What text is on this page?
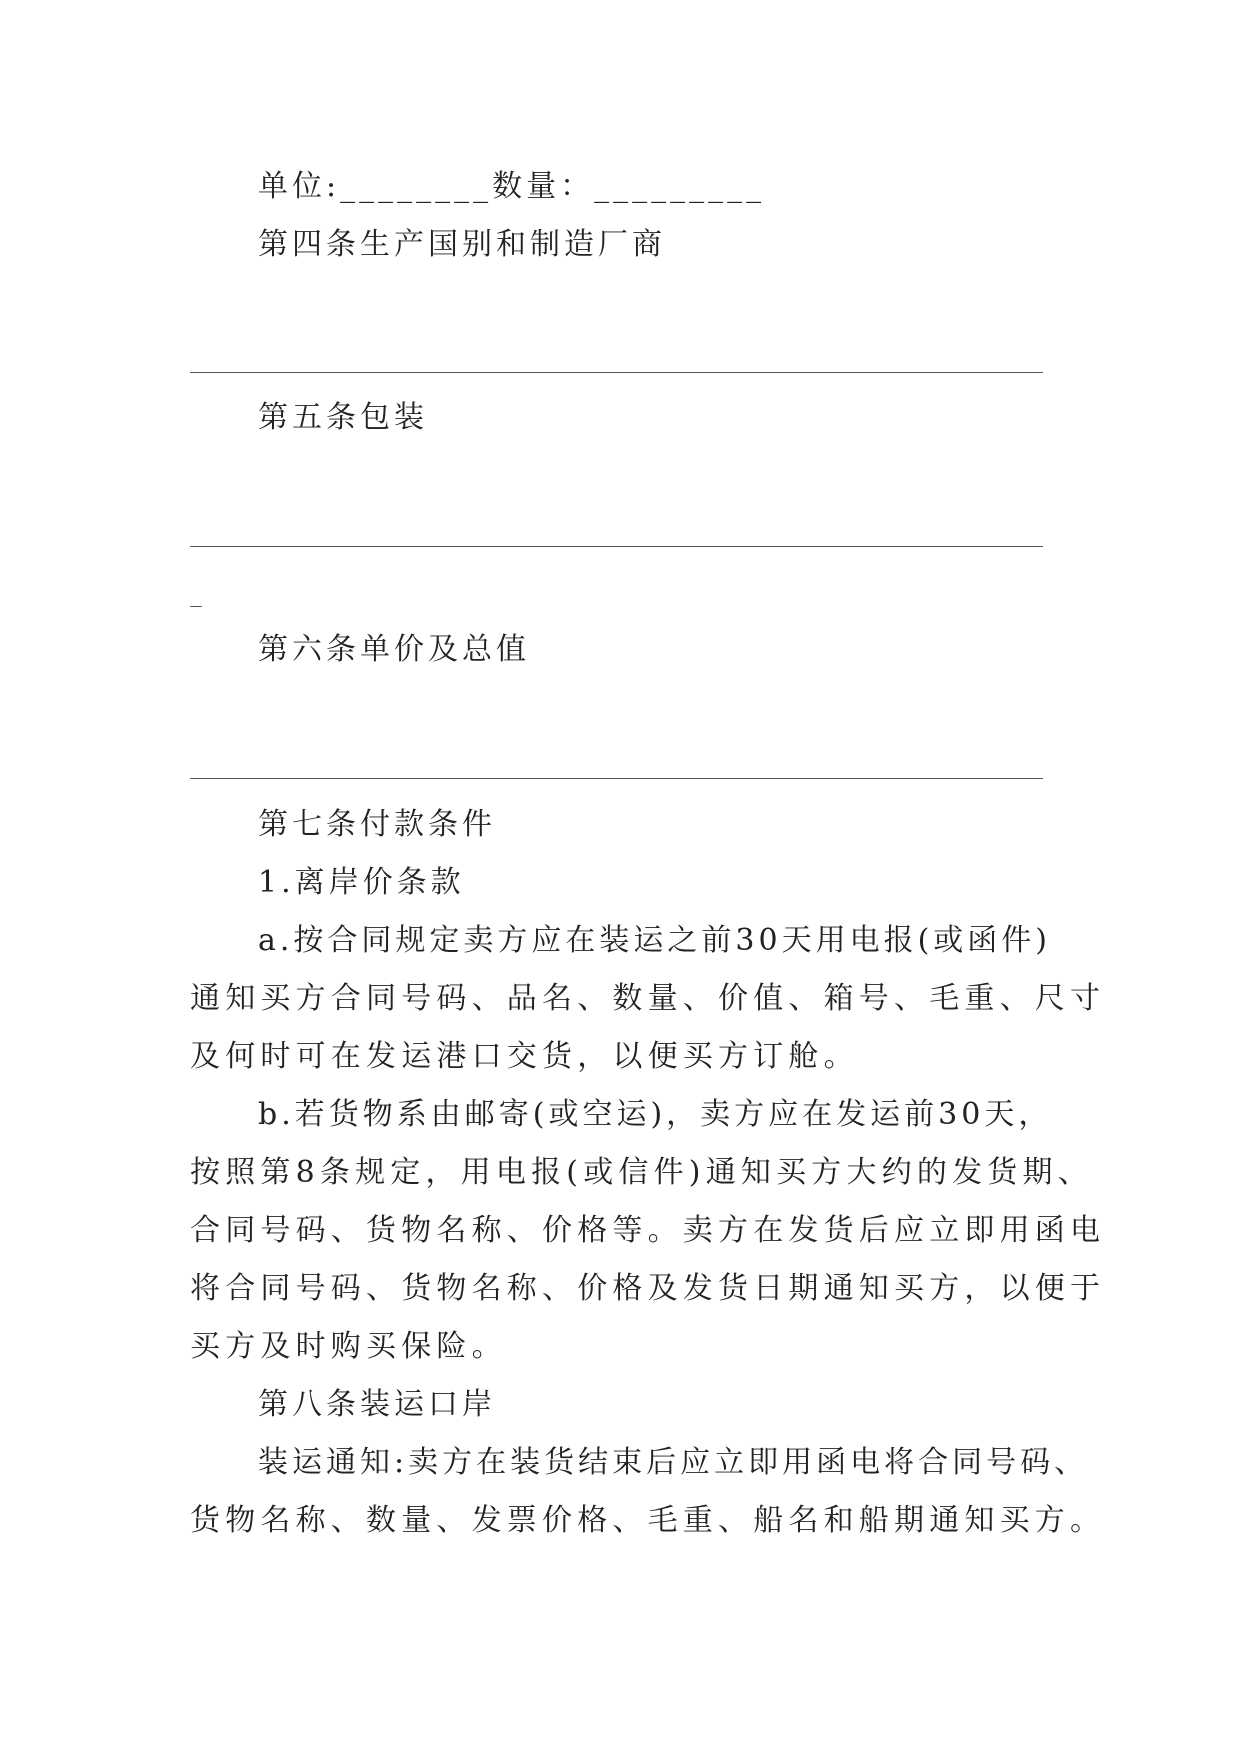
单位:________数量：_________
第四条生产国别和制造厂商
第五条包装
第六条单价及总值
第七条付款条件
1.离岸价条款
a.按合同规定卖方应在装运之前30天用电报(或函件)
通知买方合同号码、品名、数量、价值、箱号、毛重、尺寸
及何时可在发运港口交货，以便买方订舱。
b.若货物系由邮寄(或空运)，卖方应在发运前30天，
按照第8条规定，用电报(或信件)通知买方大约的发货期、
合同号码、货物名称、价格等。卖方在发货后应立即用函电
将合同号码、货物名称、价格及发货日期通知买方，以便于
买方及时购买保险。
第八条装运口岸
装运通知:卖方在装货结束后应立即用函电将合同号码、
货物名称、数量、发票价格、毛重、船名和船期通知买方。
